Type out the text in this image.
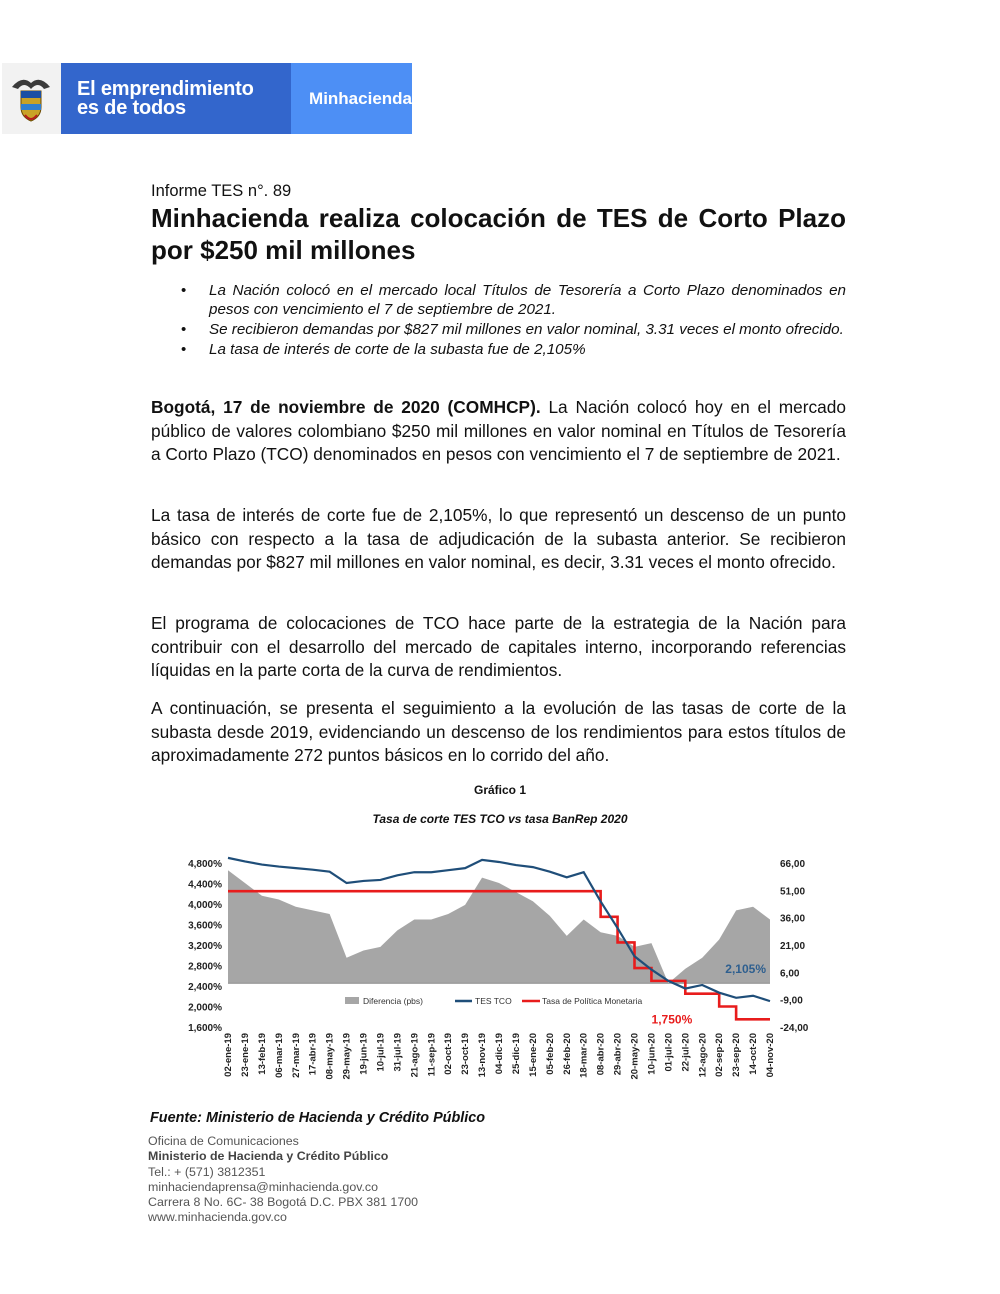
El emprendimiento
es de todos	Minhacienda
Informe TES n°. 89
Minhacienda realiza colocación de TES de Corto Plazo por $250 mil millones
• La Nación colocó en el mercado local Títulos de Tesorería a Corto Plazo denominados en pesos con vencimiento el 7 de septiembre de 2021.
• Se recibieron demandas por $827 mil millones en valor nominal, 3.31 veces el monto ofrecido.
• La tasa de interés de corte de la subasta fue de 2,105%

Bogotá, 17 de noviembre de 2020 (COMHCP). La Nación colocó hoy en el mercado público de valores colombiano $250 mil millones en valor nominal en Títulos de Tesorería a Corto Plazo (TCO) denominados en pesos con vencimiento el 7 de septiembre de 2021.

La tasa de interés de corte fue de 2,105%, lo que representó un descenso de un punto básico con respecto a la tasa de adjudicación de la subasta anterior. Se recibieron demandas por $827 mil millones en valor nominal, es decir, 3.31 veces el monto ofrecido.

El programa de colocaciones de TCO hace parte de la estrategia de la Nación para contribuir con el desarrollo del mercado de capitales interno, incorporando referencias líquidas en la parte corta de la curva de rendimientos.

A continuación, se presenta el seguimiento a la evolución de las tasas de corte de la subasta desde 2019, evidenciando un descenso de los rendimientos para estos títulos de aproximadamente 272 puntos básicos en lo corrido del año.

Gráfico 1
Tasa de corte TES TCO vs tasa BanRep 2020
4,800%
4,400%
4,000%
3,600%
3,200%
2,800%
2,400%
2,000%
1,600%
66,00
51,00
36,00
21,00
6,00
-9,00
-24,00
2,105%
1,750%
Diferencia (pbs)	TES TCO	Tasa de Política Monetaria
02-ene-19 23-ene-19 13-feb-19 06-mar-19 27-mar-19 17-abr-19 08-may-19 29-may-19 19-jun-19 10-jul-19 31-jul-19 21-ago-19 11-sep-19 02-oct-19 23-oct-19 13-nov-19 04-dic-19 25-dic-19 15-ene-20 05-feb-20 26-feb-20 18-mar-20 08-abr-20 29-abr-20 20-may-20 10-jun-20 01-jul-20 22-jul-20 12-ago-20 02-sep-20 23-sep-20 14-oct-20 04-nov-20
Fuente: Ministerio de Hacienda y Crédito Público
Oficina de Comunicaciones
Ministerio de Hacienda y Crédito Público
Tel.: + (571) 3812351
minhaciendaprensa@minhacienda.gov.co
Carrera 8 No. 6C- 38 Bogotá D.C. PBX 381 1700
www.minhacienda.gov.co
